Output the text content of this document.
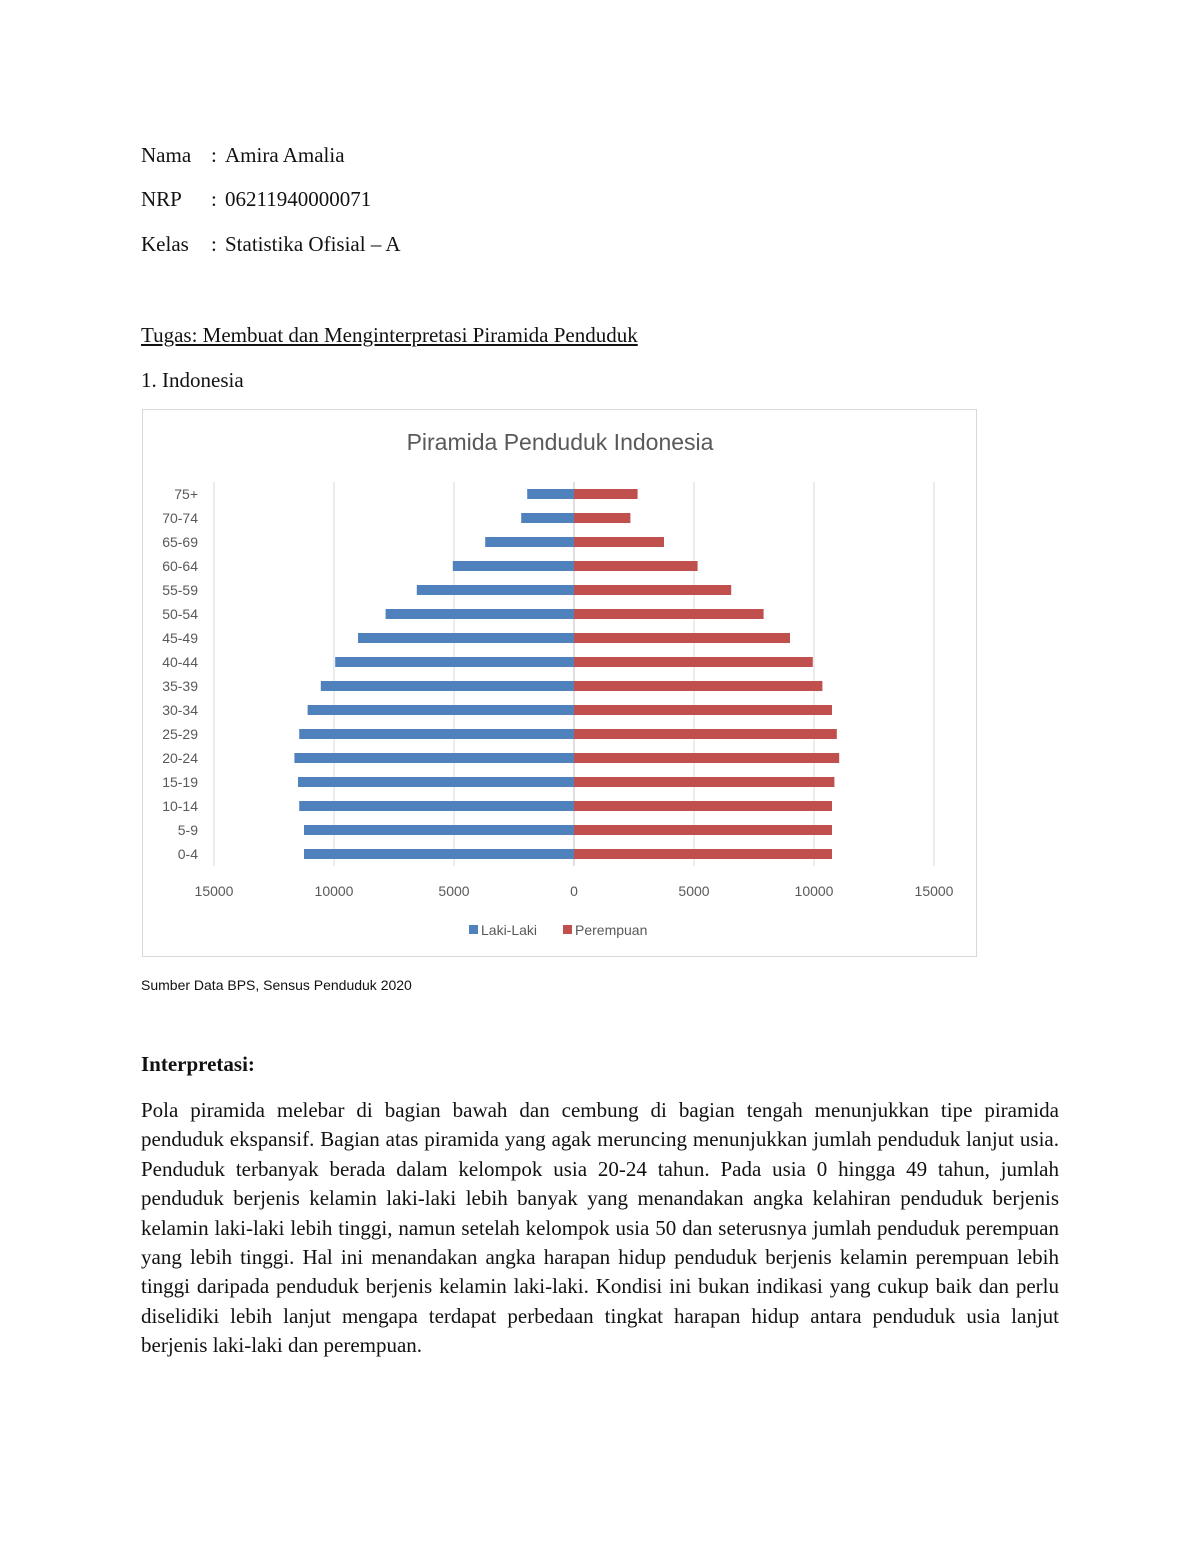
Nama : Amira Amalia
NRP : 06211940000071
Kelas : Statistika Ofisial – A
Tugas: Membuat dan Menginterpretasi Piramida Penduduk
1. Indonesia
Piramida Penduduk Indonesia
0-4
5-9
10-14
15-19
20-24
25-29
30-34
35-39
40-44
45-49
50-54
55-59
60-64
65-69
70-74
75+
15000	10000	5000	0	5000	10000	15000
Laki-Laki	Perempuan
Sumber Data BPS, Sensus Penduduk 2020
Interpretasi:

Pola piramida melebar di bagian bawah dan cembung di bagian tengah menunjukkan tipe piramida penduduk ekspansif. Bagian atas piramida yang agak meruncing menunjukkan jumlah penduduk lanjut usia. Penduduk terbanyak berada dalam kelompok usia 20-24 tahun. Pada usia 0 hingga 49 tahun, jumlah penduduk berjenis kelamin laki-laki lebih banyak yang menandakan angka kelahiran penduduk berjenis kelamin laki-laki lebih tinggi, namun setelah kelompok usia 50 dan seterusnya jumlah penduduk perempuan yang lebih tinggi. Hal ini menandakan angka harapan hidup penduduk berjenis kelamin perempuan lebih tinggi daripada penduduk berjenis kelamin laki-laki. Kondisi ini bukan indikasi yang cukup baik dan perlu diselidiki lebih lanjut mengapa terdapat perbedaan tingkat harapan hidup antara penduduk usia lanjut berjenis laki-laki dan perempuan.
